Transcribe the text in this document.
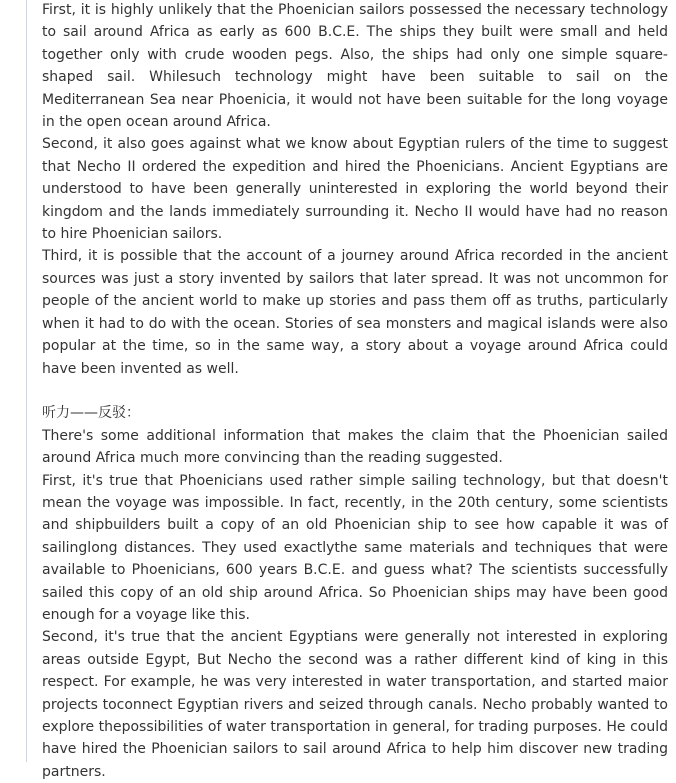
First, it is highly unlikely that the Phoenician sailors possessed the necessary technology to sail around Africa as early as 600 B.C.E. The ships they built were small and held together only with crude wooden pegs. Also, the ships had only one simple square-shaped sail. Whilesuch technology might have been suitable to sail on the Mediterranean Sea near Phoenicia, it would not have been suitable for the long voyage in the open ocean around Africa.

Second, it also goes against what we know about Egyptian rulers of the time to suggest that Necho II ordered the expedition and hired the Phoenicians. Ancient Egyptians are understood to have been generally uninterested in exploring the world beyond their kingdom and the lands immediately surrounding it. Necho II would have had no reason to hire Phoenician sailors.

Third, it is possible that the account of a journey around Africa recorded in the ancient sources was just a story invented by sailors that later spread. It was not uncommon for people of the ancient world to make up stories and pass them off as truths, particularly when it had to do with the ocean. Stories of sea monsters and magical islands were also popular at the time, so in the same way, a story about a voyage around Africa could have been invented as well.

听力——反驳：

There's some additional information that makes the claim that the Phoenician sailed around Africa much more convincing than the reading suggested.

First, it's true that Phoenicians used rather simple sailing technology, but that doesn't mean the voyage was impossible. In fact, recently, in the 20th century, some scientists and shipbuilders built a copy of an old Phoenician ship to see how capable it was of sailinglong distances. They used exactlythe same materials and techniques that were available to Phoenicians, 600 years B.C.E. and guess what? The scientists successfully sailed this copy of an old ship around Africa. So Phoenician ships may have been good enough for a voyage like this.

Second, it's true that the ancient Egyptians were generally not interested in exploring areas outside Egypt, But Necho the second was a rather different kind of king in this respect. For example, he was very interested in water transportation, and started maior projects toconnect Egyptian rivers and seized through canals. Necho probably wanted to explore thepossibilities of water transportation in general, for trading purposes. He could have hired the Phoenician sailors to sail around Africa to help him discover new trading partners.
